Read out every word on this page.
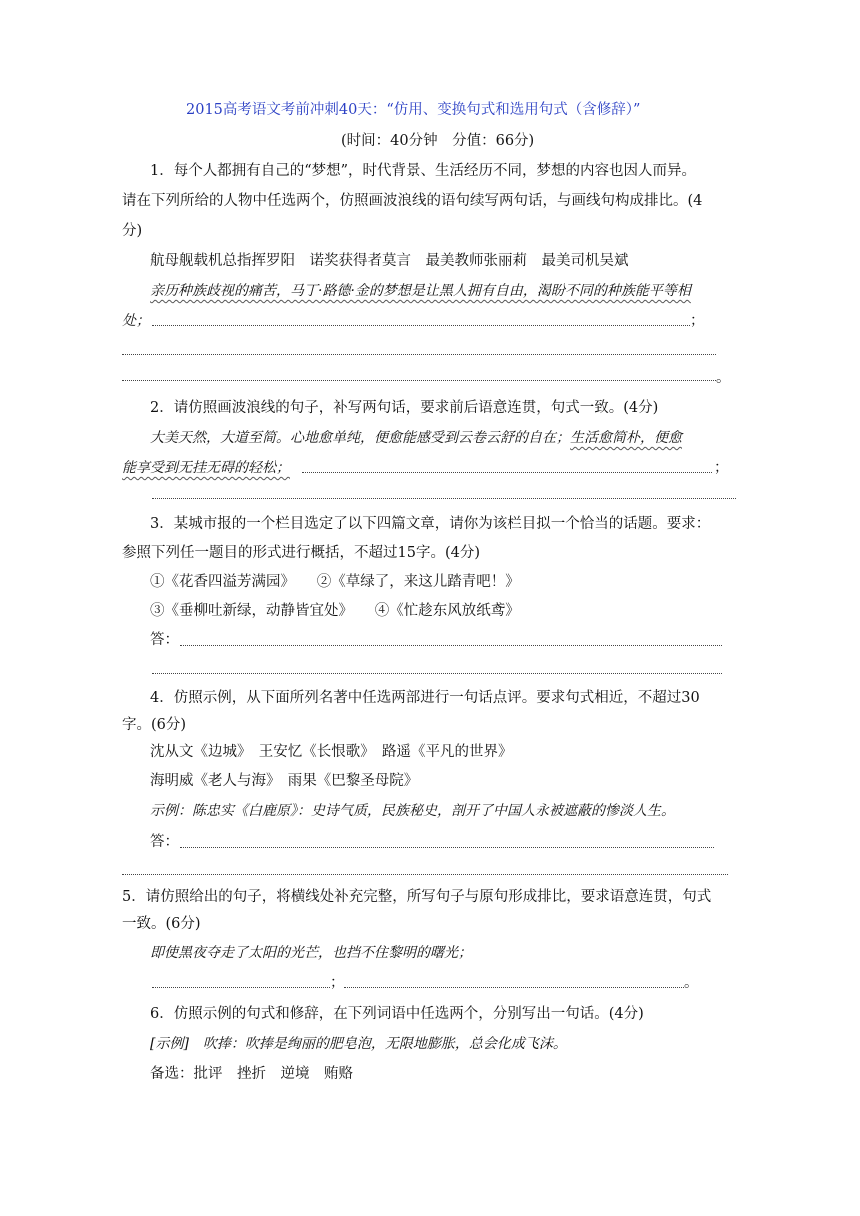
2015高考语文考前冲刺40天：“仿用、变换句式和选用句式（含修辞）”
(时间：40分钟　分值：66分)
1．每个人都拥有自己的“梦想”，时代背景、生活经历不同，梦想的内容也因人而异。
请在下列所给的人物中任选两个，仿照画波浪线的语句续写两句话，与画线句构成排比。(4
分)
航母舰载机总指挥罗阳　诺奖获得者莫言　最美教师张丽莉　最美司机吴斌
亲历种族歧视的痛苦，马丁·路德·金的梦想是让黑人拥有自由，渴盼不同的种族能平等相
处；	；
。
2．请仿照画波浪线的句子，补写两句话，要求前后语意连贯，句式一致。(4分)
大美天然，大道至简。心地愈单纯，便愈能感受到云卷云舒的自在；生活愈简朴，便愈
能享受到无挂无碍的轻松；	；
3．某城市报的一个栏目选定了以下四篇文章，请你为该栏目拟一个恰当的话题。要求：
参照下列任一题目的形式进行概括，不超过15字。(4分)
①《花香四溢芳满园》　　②《草绿了，来这儿踏青吧！》
③《垂柳吐新绿，动静皆宜处》　　④《忙趁东风放纸鸢》
答：
4．仿照示例，从下面所列名著中任选两部进行一句话点评。要求句式相近，不超过30
字。(6分)
沈从文《边城》　王安忆《长恨歌》　路遥《平凡的世界》
海明威《老人与海》　雨果《巴黎圣母院》
示例：陈忠实《白鹿原》：史诗气质，民族秘史，剖开了中国人永被遮蔽的惨淡人生。
答：
5．请仿照给出的句子，将横线处补充完整，所写句子与原句形成排比，要求语意连贯，句式
一致。(6分)
即使黑夜夺走了太阳的光芒，也挡不住黎明的曙光；
；	。
6．仿照示例的句式和修辞，在下列词语中任选两个，分别写出一句话。(4分)
[示例]　吹捧：吹捧是绚丽的肥皂泡，无限地膨胀，总会化成飞沫。
备选：批评　挫折　逆境　贿赂
